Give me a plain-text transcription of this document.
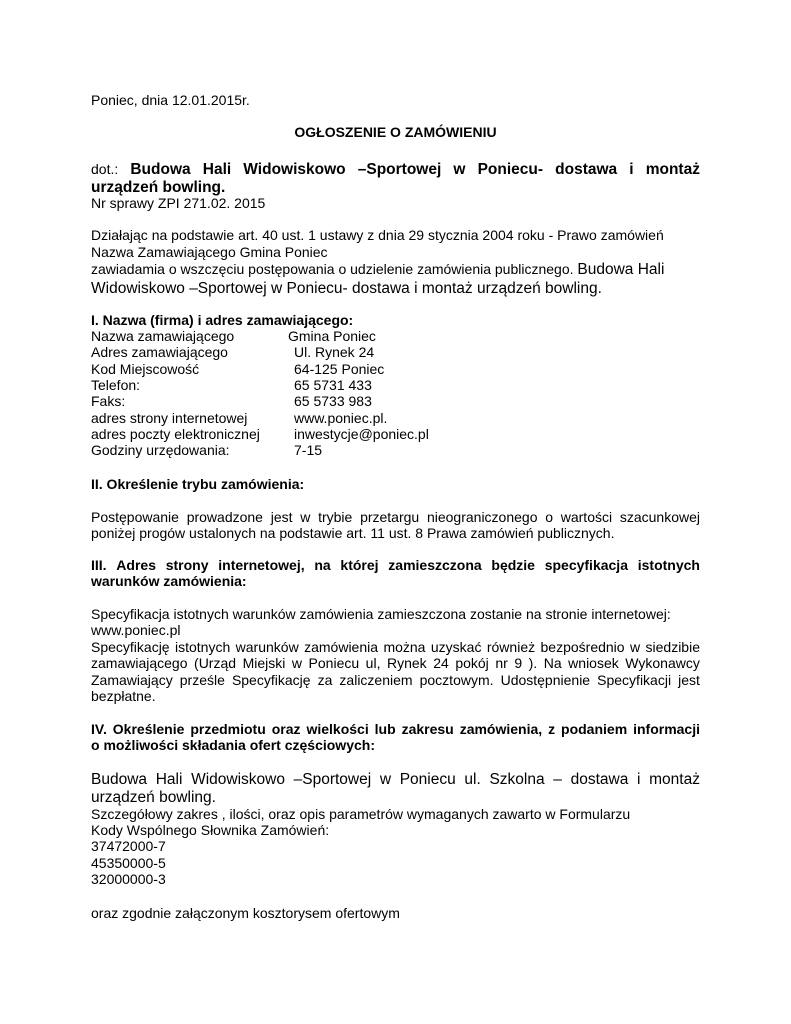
Poniec, dnia 12.01.2015r.

OGŁOSZENIE O ZAMÓWIENIU
dot.: Budowa Hali Widowiskowo –Sportowej w Poniecu- dostawa i montaż

urządzeń bowling.

Nr sprawy ZPI 271.02. 2015

Działając na podstawie art. 40 ust. 1 ustawy z dnia 29 stycznia 2004 roku - Prawo zamówień

Nazwa Zamawiającego Gmina Poniec

zawiadamia o wszczęciu postępowania o udzielenie zamówienia publicznego. Budowa Hali

Widowiskowo –Sportowej w Poniecu- dostawa i montaż urządzeń bowling.

I. Nazwa (firma) i adres zamawiającego:

Nazwa zamawiającego	Gmina Poniec
Adres zamawiającego	Ul. Rynek 24
Kod Miejscowość	64-125 Poniec
Telefon:	65 5731 433
Faks:	65 5733 983
adres strony internetowej	www.poniec.pl.
adres poczty elektronicznej inwestycje@poniec.pl
Godziny urzędowania:	7-15

II. Określenie trybu zamówienia:

Postępowanie prowadzone jest w trybie przetargu nieograniczonego o wartości szacunkowej

poniżej progów ustalonych na podstawie art. 11 ust. 8 Prawa zamówień publicznych.

III. Adres strony internetowej, na której zamieszczona będzie specyfikacja istotnych

warunków zamówienia:

Specyfikacja istotnych warunków zamówienia zamieszczona zostanie na stronie internetowej:

www.poniec.pl

Specyfikację istotnych warunków zamówienia można uzyskać również bezpośrednio w siedzibie
zamawiającego (Urząd Miejski w Poniecu ul, Rynek 24 pokój nr 9 ). Na wniosek Wykonawcy
Zamawiający prześle Specyfikację za zaliczeniem pocztowym. Udostępnienie Specyfikacji jest

bezpłatne.

IV. Określenie przedmiotu oraz wielkości lub zakresu zamówienia, z podaniem informacji

o możliwości składania ofert częściowych:

Budowa Hali Widowiskowo –Sportowej w Poniecu ul. Szkolna – dostawa i montaż

urządzeń bowling.

Szczegółowy zakres , ilości, oraz opis parametrów wymaganych zawarto w Formularzu

Kody Wspólnego Słownika Zamówień:

37472000-7

45350000-5

32000000-3

oraz zgodnie załączonym kosztorysem ofertowym
